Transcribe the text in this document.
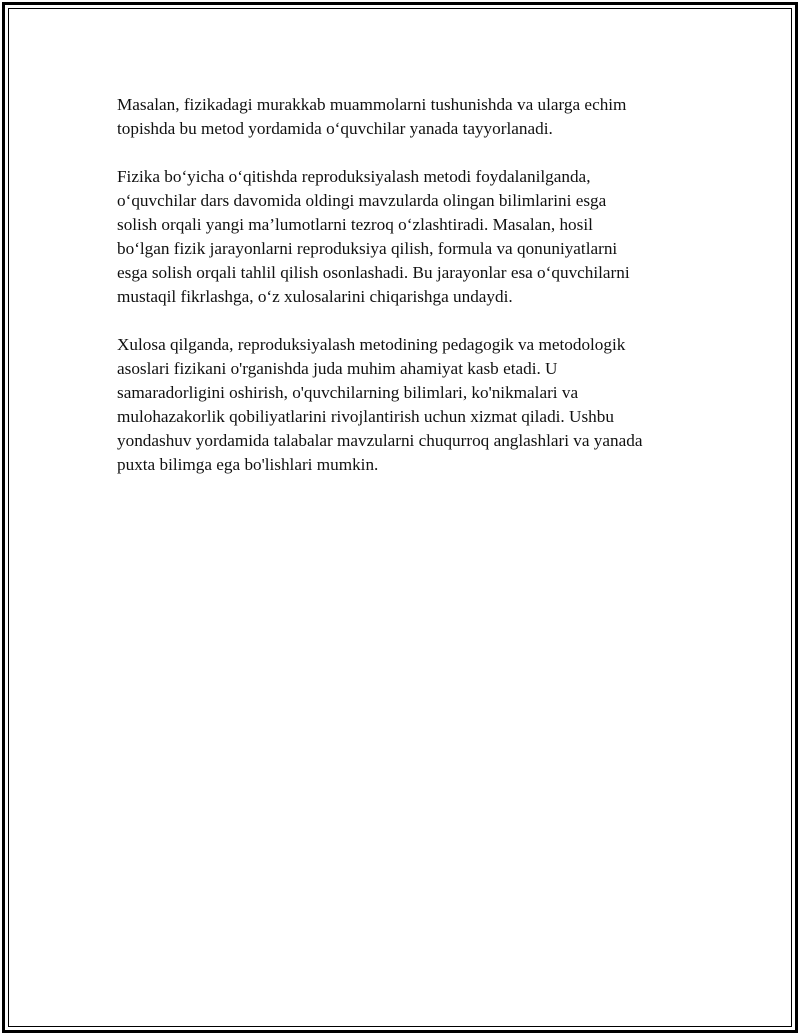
Masalan, fizikadagi murakkab muammolarni tushunishda va ularga echim
topishda bu metod yordamida o‘quvchilar yanada tayyorlanadi.

Fizika bo‘yicha o‘qitishda reproduksiyalash metodi foydalanilganda,
o‘quvchilar dars davomida oldingi mavzularda olingan bilimlarini esga
solish orqali yangi ma’lumotlarni tezroq o‘zlashtiradi. Masalan, hosil
bo‘lgan fizik jarayonlarni reproduksiya qilish, formula va qonuniyatlarni
esga solish orqali tahlil qilish osonlashadi. Bu jarayonlar esa o‘quvchilarni
mustaqil fikrlashga, o‘z xulosalarini chiqarishga undaydi.

Xulosa qilganda, reproduksiyalash metodining pedagogik va metodologik
asoslari fizikani o'rganishda juda muhim ahamiyat kasb etadi. U
samaradorligini oshirish, o'quvchilarning bilimlari, ko'nikmalari va
mulohazakorlik qobiliyatlarini rivojlantirish uchun xizmat qiladi. Ushbu
yondashuv yordamida talabalar mavzularni chuqurroq anglashlari va yanada
puxta bilimga ega bo'lishlari mumkin.
